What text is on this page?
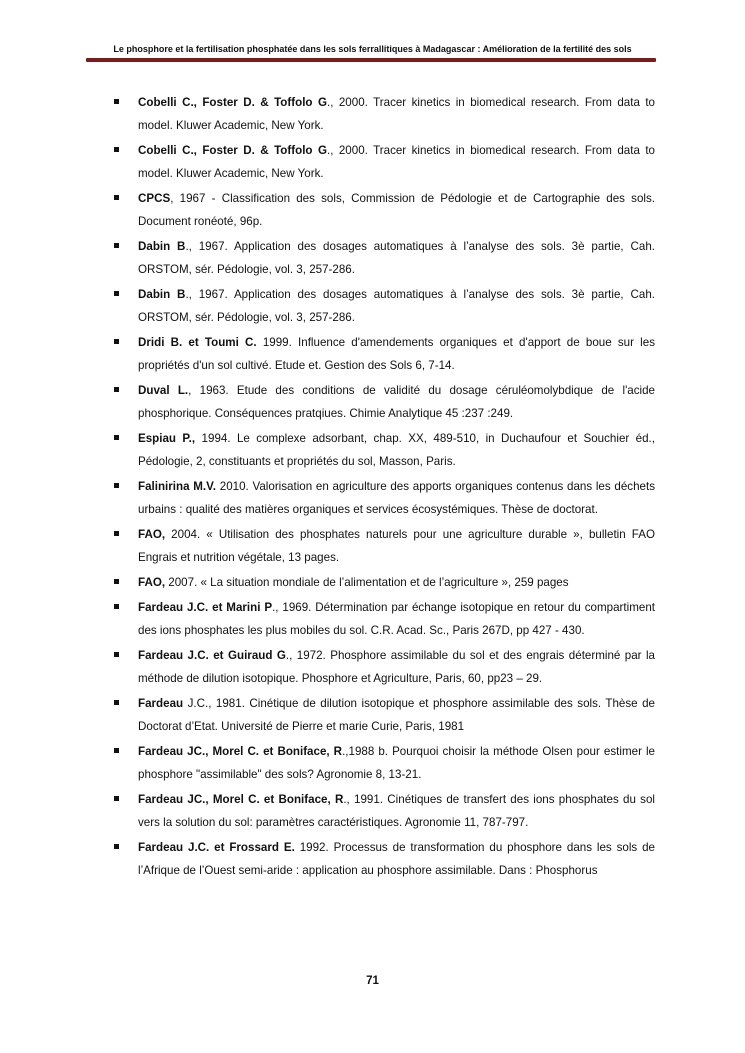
Le phosphore et la fertilisation phosphatée dans les sols ferrallitiques à Madagascar : Amélioration de la fertilité des sols
Cobelli C., Foster D. & Toffolo G., 2000. Tracer kinetics in biomedical research. From data to model. Kluwer Academic, New York.
Cobelli C., Foster D. & Toffolo G., 2000. Tracer kinetics in biomedical research. From data to model. Kluwer Academic, New York.
CPCS, 1967 - Classification des sols, Commission de Pédologie et de Cartographie des sols. Document ronéoté, 96p.
Dabin B., 1967. Application des dosages automatiques à l’analyse des sols. 3è partie, Cah. ORSTOM, sér. Pédologie, vol. 3, 257-286.
Dabin B., 1967. Application des dosages automatiques à l’analyse des sols. 3è partie, Cah. ORSTOM, sér. Pédologie, vol. 3, 257-286.
Dridi B. et Toumi C. 1999. Influence d'amendements organiques et d'apport de boue sur les propriétés d'un sol cultivé. Etude et. Gestion des Sols 6, 7-14.
Duval L., 1963. Etude des conditions de validité du dosage céruléomolybdique de l'acide phosphorique. Conséquences pratqiues. Chimie Analytique 45 :237 :249.
Espiau P., 1994. Le complexe adsorbant, chap. XX, 489-510, in Duchaufour et Souchier éd., Pédologie, 2, constituants et propriétés du sol, Masson, Paris.
Falinirina M.V. 2010. Valorisation en agriculture des apports organiques contenus dans les déchets urbains : qualité des matières organiques et services écosystémiques. Thèse de doctorat.
FAO, 2004. « Utilisation des phosphates naturels pour une agriculture durable », bulletin FAO Engrais et nutrition végétale, 13 pages.
FAO, 2007. « La situation mondiale de l’alimentation et de l’agriculture », 259 pages
Fardeau J.C. et Marini P., 1969. Détermination par échange isotopique en retour du compartiment des ions phosphates les plus mobiles du sol. C.R. Acad. Sc., Paris 267D, pp 427 - 430.
Fardeau J.C. et Guiraud G., 1972. Phosphore assimilable du sol et des engrais déterminé par la méthode de dilution isotopique. Phosphore et Agriculture, Paris, 60, pp23 – 29.
Fardeau J.C., 1981. Cinétique de dilution isotopique et phosphore assimilable des sols. Thèse de Doctorat d’Etat. Université de Pierre et marie Curie, Paris, 1981
Fardeau JC., Morel C. et Boniface, R.,1988 b. Pourquoi choisir la méthode Olsen pour estimer le phosphore "assimilable" des sols? Agronomie 8, 13-21.
Fardeau JC., Morel C. et Boniface, R., 1991. Cinétiques de transfert des ions phosphates du sol vers la solution du sol: paramètres caractéristiques. Agronomie 11, 787-797.
Fardeau J.C. et Frossard E. 1992. Processus de transformation du phosphore dans les sols de l’Afrique de l’Ouest semi-aride : application au phosphore assimilable. Dans : Phosphorus
71
